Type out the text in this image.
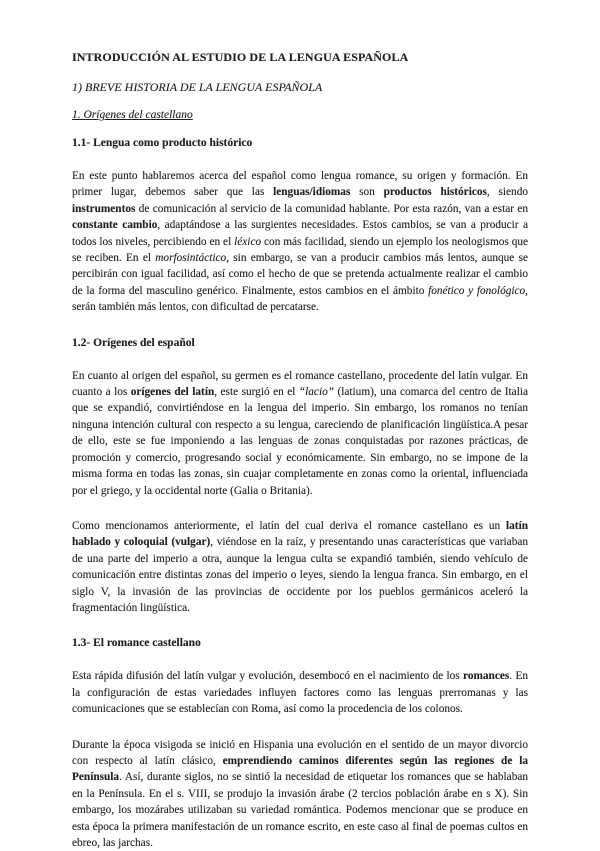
INTRODUCCIÓN AL ESTUDIO DE LA LENGUA ESPAÑOLA
1) BREVE HISTORIA DE LA LENGUA ESPAÑOLA
1. Orígenes del castellano
1.1- Lengua como producto histórico

En este punto hablaremos acerca del español como lengua romance, su origen y formación. En primer lugar, debemos saber que las lenguas/idiomas son productos históricos, siendo instrumentos de comunicación al servicio de la comunidad hablante. Por esta razón, van a estar en constante cambio, adaptándose a las surgientes necesidades. Estos cambios, se van a producir a todos los niveles, percibiendo en el léxico con más facilidad, siendo un ejemplo los neologismos que se reciben. En el morfosintáctico, sin embargo, se van a producir cambios más lentos, aunque se percibirán con igual facilidad, así como el hecho de que se pretenda actualmente realizar el cambio de la forma del masculino genérico. Finalmente, estos cambios en el ámbito fonético y fonológico, serán también más lentos, con dificultad de percatarse.

1.2- Orígenes del español

En cuanto al origen del español, su germen es el romance castellano, procedente del latín vulgar. En cuanto a los orígenes del latín, este surgió en el “lacio” (latium), una comarca del centro de Italia que se expandió, convirtiéndose en la lengua del imperio. Sin embargo, los romanos no tenían ninguna intención cultural con respecto a su lengua, careciendo de planificación lingüística.A pesar de ello, este se fue imponiendo a las lenguas de zonas conquistadas por razones prácticas, de promoción y comercio, progresando social y económicamente. Sin embargo, no se impone de la misma forma en todas las zonas, sin cuajar completamente en zonas como la oriental, influenciada por el griego, y la occidental norte (Galia o Britania).

Como mencionamos anteriormente, el latín del cual deriva el romance castellano es un latín hablado y coloquial (vulgar), viéndose en la raíz, y presentando unas características que variaban de una parte del imperio a otra, aunque la lengua culta se expandió también, siendo vehículo de comunicación entre distintas zonas del imperio o leyes, siendo la lengua franca. Sin embargo, en el siglo V, la invasión de las provincias de occidente por los pueblos germánicos aceleró la fragmentación lingüística.

1.3- El romance castellano

Esta rápida difusión del latín vulgar y evolución, desembocó en el nacimiento de los romances. En la configuración de estas variedades influyen factores como las lenguas prerromanas y las comunicaciones que se establecían con Roma, así como la procedencia de los colonos.

Durante la época visigoda se inició en Hispania una evolución en el sentido de un mayor divorcio con respecto al latín clásico, emprendiendo caminos diferentes según las regiones de la Península. Así, durante siglos, no se sintió la necesidad de etiquetar los romances que se hablaban en la Península. En el s. VIII, se produjo la invasión árabe (2 tercios población árabe en s X). Sin embargo, los mozárabes utilizaban su variedad romántica. Podemos mencionar que se produce en esta época la primera manifestación de un romance escrito, en este caso al final de poemas cultos en ebreo, las jarchas.
